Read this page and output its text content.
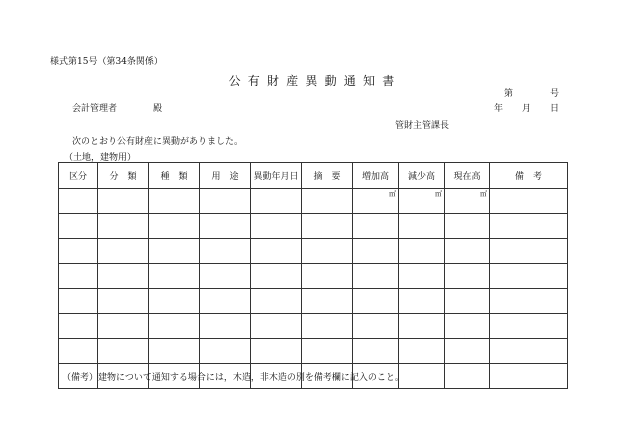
様式第15号（第34条関係）
公有財産異動通知書
第	号
会計管理者	殿	年 月 日
管財主管課長
次のとおり公有財産に異動がありました。
（土地，建物用）
区分	分　類	種　類	用　途	異動年月日	摘　要	増加高	減少高	現在高	備　考
						㎡	㎡	㎡	

（備考）建物について通知する場合には，木造，非木造の別を備考欄に記入のこと。
